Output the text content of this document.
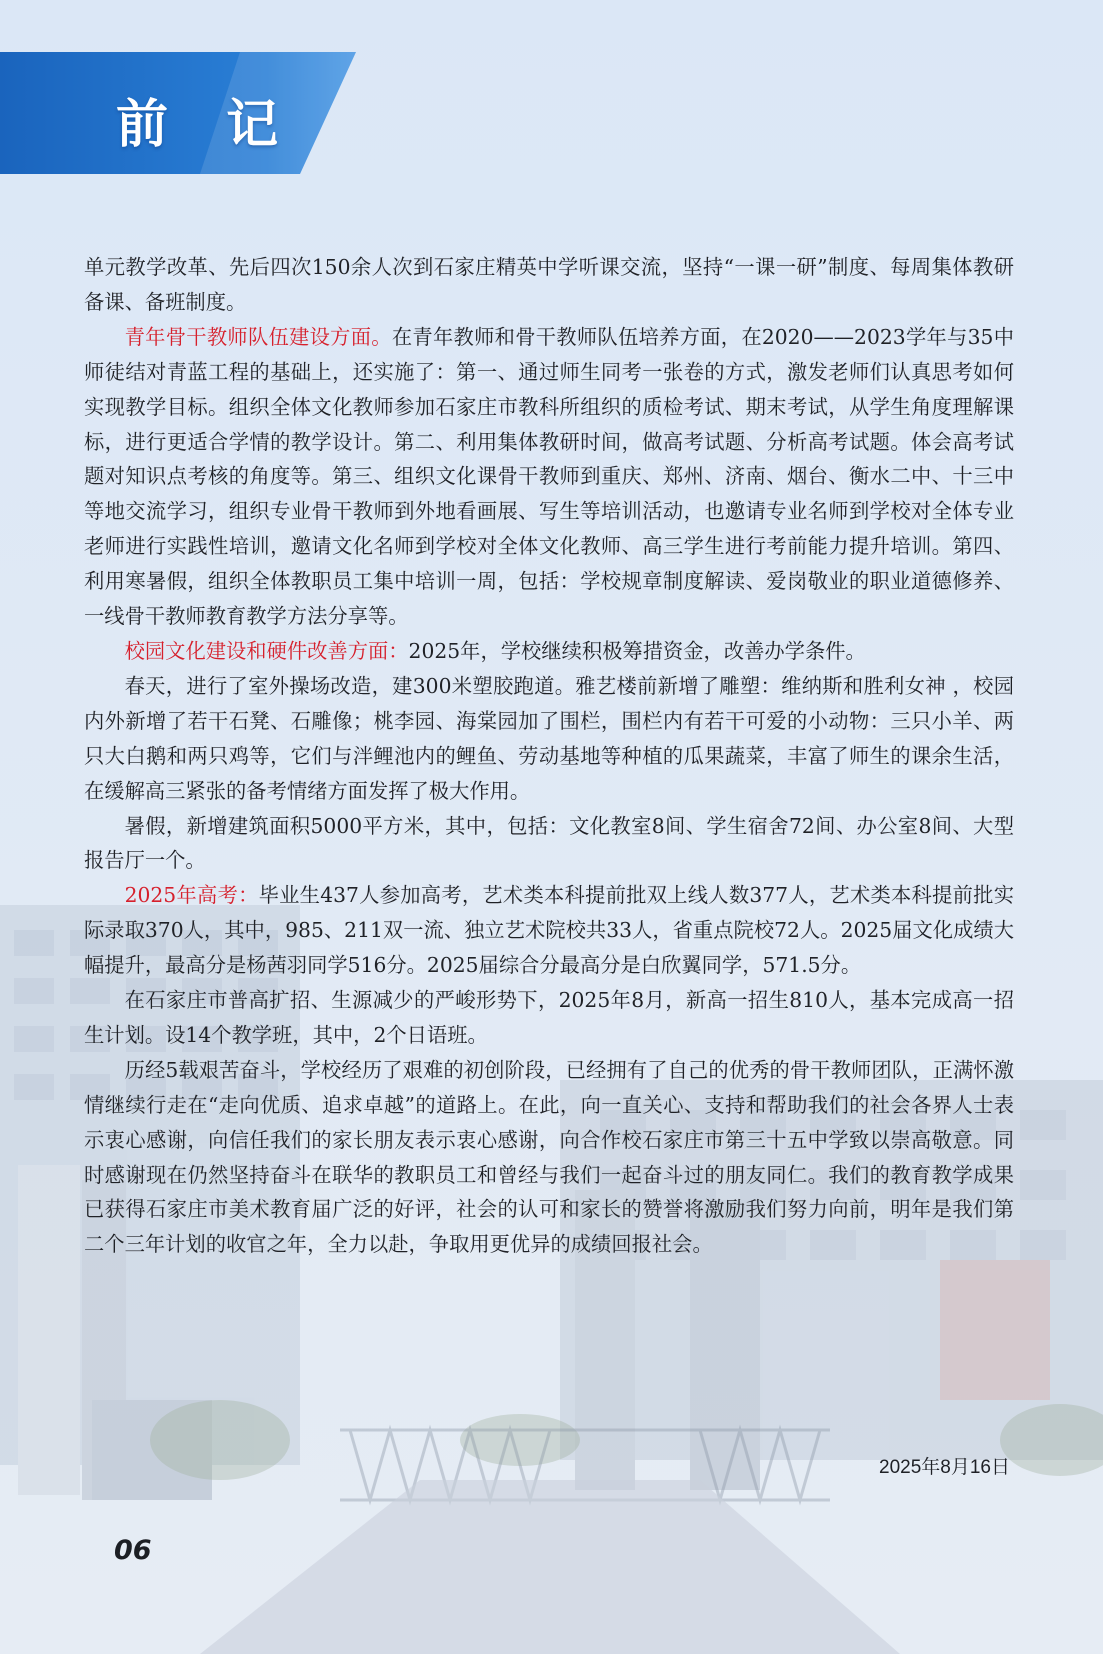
前 记

单元教学改革、先后四次150余人次到石家庄精英中学听课交流，坚持“一课一研”制度、每周集体教研备课、备班制度。

青年骨干教师队伍建设方面。在青年教师和骨干教师队伍培养方面，在2020——2023学年与35中师徒结对青蓝工程的基础上，还实施了：第一、通过师生同考一张卷的方式，激发老师们认真思考如何实现教学目标。组织全体文化教师参加石家庄市教科所组织的质检考试、期末考试，从学生角度理解课标，进行更适合学情的教学设计。第二、利用集体教研时间，做高考试题、分析高考试题。体会高考试题对知识点考核的角度等。第三、组织文化课骨干教师到重庆、郑州、济南、烟台、衡水二中、十三中等地交流学习，组织专业骨干教师到外地看画展、写生等培训活动，也邀请专业名师到学校对全体专业老师进行实践性培训，邀请文化名师到学校对全体文化教师、高三学生进行考前能力提升培训。第四、利用寒暑假，组织全体教职员工集中培训一周，包括：学校规章制度解读、爱岗敬业的职业道德修养、一线骨干教师教育教学方法分享等。

校园文化建设和硬件改善方面：2025年，学校继续积极筹措资金，改善办学条件。

春天，进行了室外操场改造，建300米塑胶跑道。雅艺楼前新增了雕塑：维纳斯和胜利女神 ，校园内外新增了若干石凳、石雕像；桃李园、海棠园加了围栏，围栏内有若干可爱的小动物：三只小羊、两只大白鹅和两只鸡等，它们与泮鲤池内的鲤鱼、劳动基地等种植的瓜果蔬菜，丰富了师生的课余生活，在缓解高三紧张的备考情绪方面发挥了极大作用。

暑假，新增建筑面积5000平方米，其中，包括：文化教室8间、学生宿舍72间、办公室8间、大型报告厅一个。

2025年高考：毕业生437人参加高考，艺术类本科提前批双上线人数377人，艺术类本科提前批实际录取370人，其中，985、211双一流、独立艺术院校共33人，省重点院校72人。2025届文化成绩大幅提升，最高分是杨茜羽同学516分。2025届综合分最高分是白欣翼同学，571.5分。

在石家庄市普高扩招、生源减少的严峻形势下，2025年8月，新高一招生810人，基本完成高一招生计划。设14个教学班，其中，2个日语班。

历经5载艰苦奋斗，学校经历了艰难的初创阶段，已经拥有了自己的优秀的骨干教师团队，正满怀激情继续行走在“走向优质、追求卓越”的道路上。在此，向一直关心、支持和帮助我们的社会各界人士表示衷心感谢，向信任我们的家长朋友表示衷心感谢，向合作校石家庄市第三十五中学致以崇高敬意。同时感谢现在仍然坚持奋斗在联华的教职员工和曾经与我们一起奋斗过的朋友同仁。我们的教育教学成果已获得石家庄市美术教育届广泛的好评，社会的认可和家长的赞誉将激励我们努力向前，明年是我们第二个三年计划的收官之年，全力以赴，争取用更优异的成绩回报社会。

2025年8月16日
06
